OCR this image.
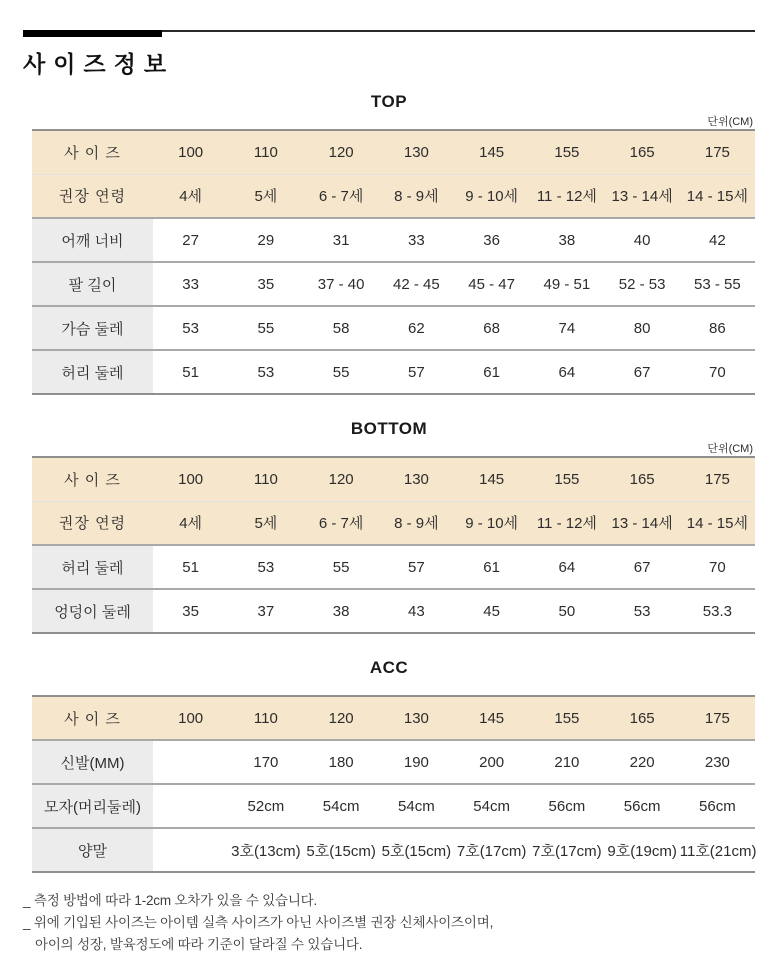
사이즈정보
TOP
단위(CM)
사 이 즈	100	110	120	130	145	155	165	175
권장 연령	4세	5세	6 - 7세	8 - 9세	9 - 10세	11 - 12세	13 - 14세	14 - 15세
어깨 너비	27	29	31	33	36	38	40	42
팔 길이	33	35	37 - 40	42 - 45	45 - 47	49 - 51	52 - 53	53 - 55
가슴 둘레	53	55	58	62	68	74	80	86
허리 둘레	51	53	55	57	61	64	67	70
BOTTOM
단위(CM)
사 이 즈	100	110	120	130	145	155	165	175
권장 연령	4세	5세	6 - 7세	8 - 9세	9 - 10세	11 - 12세	13 - 14세	14 - 15세
허리 둘레	51	53	55	57	61	64	67	70
엉덩이 둘레	35	37	38	43	45	50	53	53.3
ACC
사 이 즈	100	110	120	130	145	155	165	175
신발(MM)		170	180	190	200	210	220	230
모자(머리둘레)		52cm	54cm	54cm	54cm	56cm	56cm	56cm
양말		3호(13cm)	5호(15cm)	5호(15cm)	7호(17cm)	7호(17cm)	9호(19cm)	11호(21cm)

_ 측정 방법에 따라 1-2cm 오차가 있을 수 있습니다.

_ 위에 기입된 사이즈는 아이템 실측 사이즈가 아닌 사이즈별 권장 신체사이즈이며,

아이의 성장, 발육정도에 따라 기준이 달라질 수 있습니다.
